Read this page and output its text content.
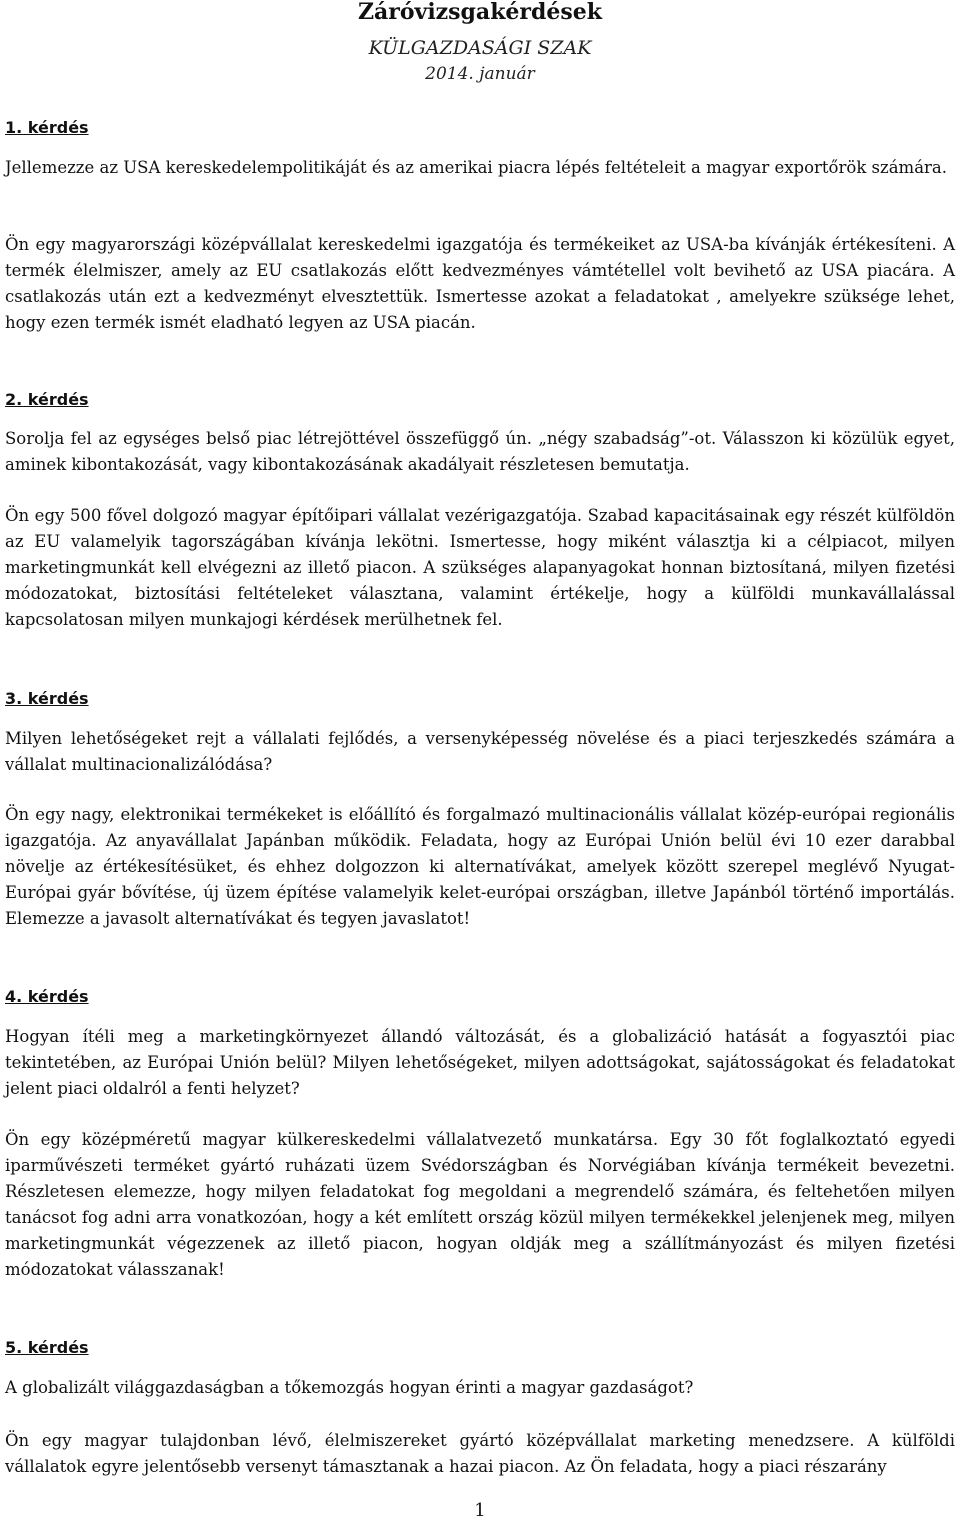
Záróvizsgakérdések
KÜLGAZDASÁGI SZAK
2014. január
1. kérdés

Jellemezze az USA kereskedelempolitikáját és az amerikai piacra lépés feltételeit a magyar exportőrök számára.

Ön egy magyarországi középvállalat kereskedelmi igazgatója és termékeiket az USA-ba kívánják értékesíteni. A termék élelmiszer, amely az EU csatlakozás előtt kedvezményes vámtétellel volt bevihető az USA piacára. A csatlakozás után ezt a kedvezményt elvesztettük. Ismertesse azokat a feladatokat , amelyekre szüksége lehet, hogy ezen termék ismét eladható legyen az USA piacán.

2. kérdés

Sorolja fel az egységes belső piac létrejöttével összefüggő ún. „négy szabadság”-ot. Válasszon ki közülük egyet, aminek kibontakozását, vagy kibontakozásának akadályait részletesen bemutatja.

Ön egy 500 fővel dolgozó magyar építőipari vállalat vezérigazgatója. Szabad kapacitásainak egy részét külföldön az EU valamelyik tagországában kívánja lekötni. Ismertesse, hogy miként választja ki a célpiacot, milyen marketingmunkát kell elvégezni az illető piacon. A szükséges alapanyagokat honnan biztosítaná, milyen fizetési módozatokat, biztosítási feltételeket választana, valamint értékelje, hogy a külföldi munkavállalással kapcsolatosan milyen munkajogi kérdések merülhetnek fel.

3. kérdés

Milyen lehetőségeket rejt a vállalati fejlődés, a versenyképesség növelése és a piaci terjeszkedés számára a vállalat multinacionalizálódása?

Ön egy nagy, elektronikai termékeket is előállító és forgalmazó multinacionális vállalat közép-európai regionális igazgatója. Az anyavállalat Japánban működik. Feladata, hogy az Európai Unión belül évi 10 ezer darabbal növelje az értékesítésüket, és ehhez dolgozzon ki alternatívákat, amelyek között szerepel meglévő Nyugat-Európai gyár bővítése, új üzem építése valamelyik kelet-európai országban, illetve Japánból történő importálás. Elemezze a javasolt alternatívákat és tegyen javaslatot!

4. kérdés

Hogyan ítéli meg a marketingkörnyezet állandó változását, és a globalizáció hatását a fogyasztói piac tekintetében, az Európai Unión belül? Milyen lehetőségeket, milyen adottságokat, sajátosságokat és feladatokat jelent piaci oldalról a fenti helyzet?

Ön egy középméretű magyar külkereskedelmi vállalatvezető munkatársa. Egy 30 főt foglalkoztató egyedi iparművészeti terméket gyártó ruházati üzem Svédországban és Norvégiában kívánja termékeit bevezetni. Részletesen elemezze, hogy milyen feladatokat fog megoldani a megrendelő számára, és feltehetően milyen tanácsot fog adni arra vonatkozóan, hogy a két említett ország közül milyen termékekkel jelenjenek meg, milyen marketingmunkát végezzenek az illető piacon, hogyan oldják meg a szállítmányozást és milyen fizetési módozatokat válasszanak!

5. kérdés

A globalizált világgazdaságban a tőkemozgás hogyan érinti a magyar gazdaságot?

Ön egy magyar tulajdonban lévő, élelmiszereket gyártó középvállalat marketing menedzsere. A külföldi vállalatok egyre jelentősebb versenyt támasztanak a hazai piacon. Az Ön feladata, hogy a piaci részarány

1
